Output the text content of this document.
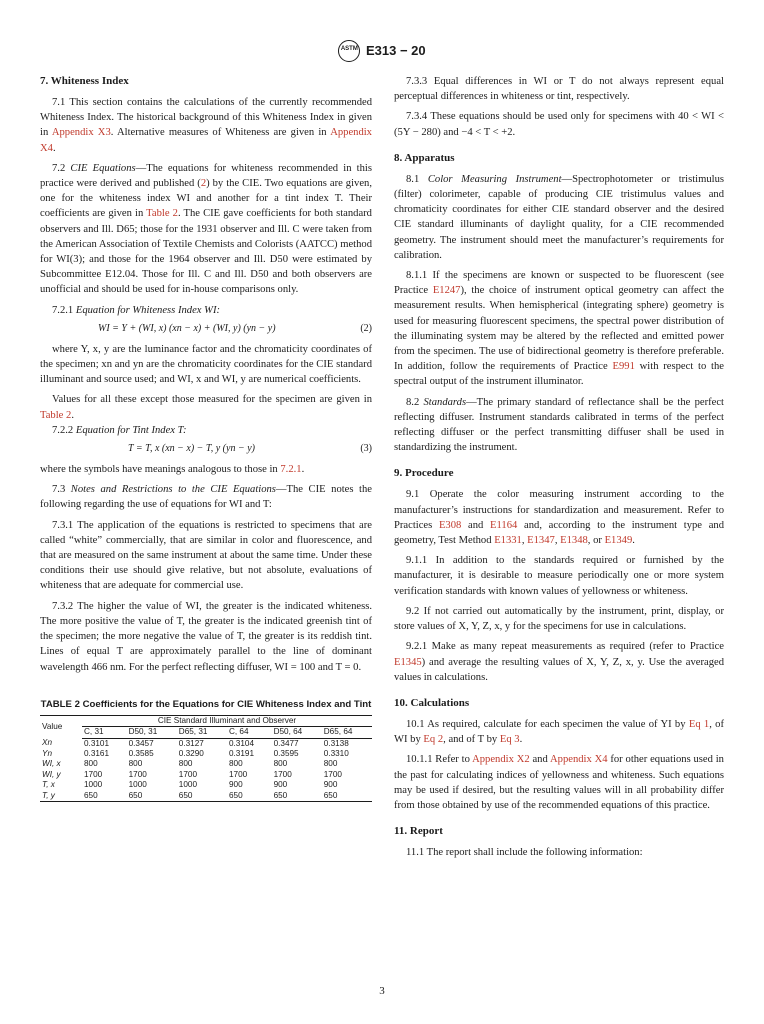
ASTM E313 − 20
7. Whiteness Index

7.1 This section contains the calculations of the currently recommended Whiteness Index. The historical background of this Whiteness Index in given in Appendix X3. Alternative measures of Whiteness are given in Appendix X4.

7.2 CIE Equations—The equations for whiteness recommended in this practice were derived and published (2) by the CIE. Two equations are given, one for the whiteness index WI and another for a tint index T. Their coefficients are given in Table 2. The CIE gave coefficients for both standard observers and Ill. D65; those for the 1931 observer and Ill. C were taken from the American Association of Textile Chemists and Colorists (AATCC) method for WI(3); and those for the 1964 observer and Ill. D50 were estimated by Subcommittee E12.04. Those for Ill. C and Ill. D50 and both observers are unofficial and should be used for in-house comparisons only.

7.2.1 Equation for Whiteness Index WI:

WI = Y + (WI, x) (xn − x) + (WI, y) (yn − y)	(2)

where Y, x, y are the luminance factor and the chromaticity coordinates of the specimen; xn and yn are the chromaticity coordinates for the CIE standard illuminant and source used; and WI, x and WI, y are numerical coefficients.

Values for all these except those measured for the specimen are given in Table 2.

7.2.2 Equation for Tint Index T:

T = T, x (xn − x) − T, y (yn − y)	(3)

where the symbols have meanings analogous to those in 7.2.1.

7.3 Notes and Restrictions to the CIE Equations—The CIE notes the following regarding the use of equations for WI and T:

7.3.1 The application of the equations is restricted to specimens that are called “white” commercially, that are similar in color and fluorescence, and that are measured on the same instrument at about the same time. Under these conditions their use should give relative, but not absolute, evaluations of whiteness that are adequate for commercial use.

7.3.2 The higher the value of WI, the greater is the indicated whiteness. The more positive the value of T, the greater is the indicated greenish tint of the specimen; the more negative the value of T, the greater is its reddish tint. Lines of equal T are approximately parallel to the line of dominant wavelength 466 nm. For the perfect reflecting diffuser, WI = 100 and T = 0.

TABLE 2 Coefficients for the Equations for CIE Whiteness Index and Tint
Value	CIE Standard Illuminant and Observer					
	C, 31	D50, 31	D65, 31	C, 64	D50, 64	D65, 64
Xn	0.3101	0.3457	0.3127	0.3104	0.3477	0.3138
Yn	0.3161	0.3585	0.3290	0.3191	0.3595	0.3310
WI, x	800	800	800	800	800	800
WI, y	1700	1700	1700	1700	1700	1700
T, x	1000	1000	1000	900	900	900
T, y	650	650	650	650	650	650

7.3.3 Equal differences in WI or T do not always represent equal perceptual differences in whiteness or tint, respectively.

7.3.4 These equations should be used only for specimens with 40 < WI < (5Y − 280) and −4 < T < +2.

8. Apparatus

8.1 Color Measuring Instrument—Spectrophotometer or tristimulus (filter) colorimeter, capable of producing CIE tristimulus values and chromaticity coordinates for either CIE standard observer and the desired CIE standard illuminants of daylight quality, for a CIE recommended geometry. The instrument should meet the manufacturer’s requirements for calibration.

8.1.1 If the specimens are known or suspected to be fluorescent (see Practice E1247), the choice of instrument optical geometry can affect the measurement results. When hemispherical (integrating sphere) geometry is used for measuring fluorescent specimens, the spectral power distribution of the illuminating system may be altered by the reflected and emitted power from the specimen. The use of bidirectional geometry is therefore preferable. In addition, follow the requirements of Practice E991 with respect to the spectral output of the instrument illuminator.

8.2 Standards—The primary standard of reflectance shall be the perfect reflecting diffuser. Instrument standards calibrated in terms of the perfect reflecting diffuser or the perfect transmitting diffuser shall be used in standardizing the instrument.

9. Procedure

9.1 Operate the color measuring instrument according to the manufacturer’s instructions for standardization and measurement. Refer to Practices E308 and E1164 and, according to the instrument type and geometry, Test Method E1331, E1347, E1348, or E1349.

9.1.1 In addition to the standards required or furnished by the manufacturer, it is desirable to measure periodically one or more system verification standards with known values of yellowness or whiteness.

9.2 If not carried out automatically by the instrument, print, display, or store values of X, Y, Z, x, y for the specimens for use in calculations.

9.2.1 Make as many repeat measurements as required (refer to Practice E1345) and average the resulting values of X, Y, Z, x, y. Use the averaged values in calculations.

10. Calculations

10.1 As required, calculate for each specimen the value of YI by Eq 1, of WI by Eq 2, and of T by Eq 3.

10.1.1 Refer to Appendix X2 and Appendix X4 for other equations used in the past for calculating indices of yellowness and whiteness. Such equations may be used if desired, but the resulting values will in all probability differ from those obtained by use of the recommended equations of this practice.

11. Report

11.1 The report shall include the following information:

3
